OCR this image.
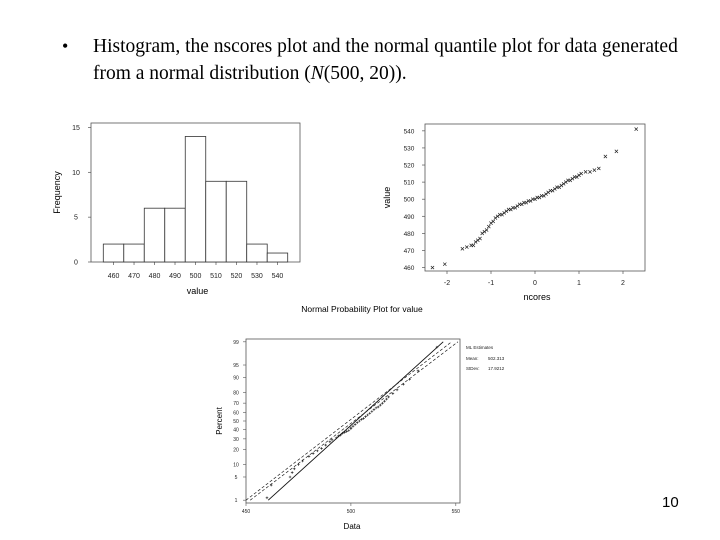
• Histogram, the nscores plot and the normal quantile plot for data generated from a normal distribution (N(500, 20)).
0
5
10
15
460 470 480 490 500 510 520 530 540
value
Frequency
460
470
480
490
500
510
520
530
540
-2	-1	0	1	2
ncores
value
Normal Probability Plot for value
1
5
10
20
30
40
50
60
70
80
90
95
99
450	500	550
ML Estimates
Mean: 502.313
StDev: 17.9212
Data
Percent
10
